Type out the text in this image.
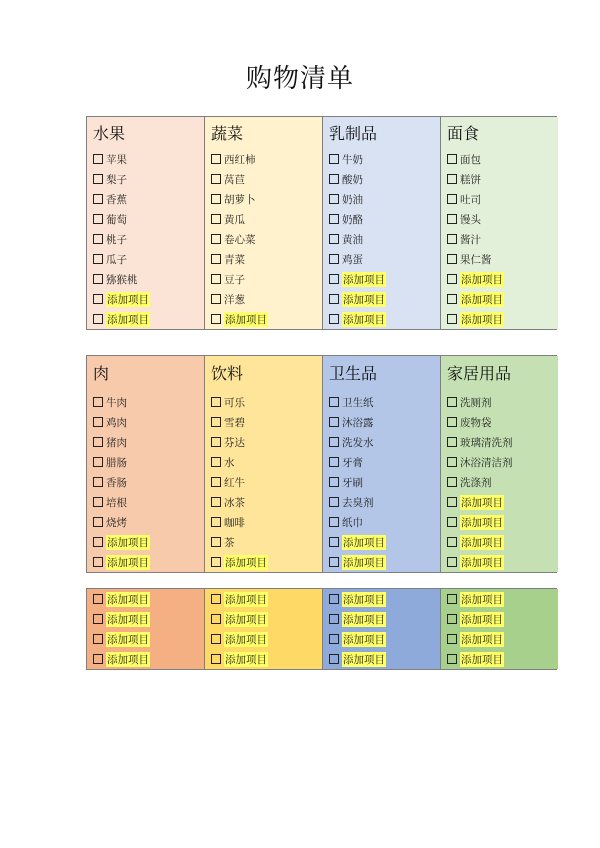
购物清单
水果
苹果
梨子
香蕉
葡萄
桃子
瓜子
猕猴桃
添加项目
添加项目
蔬菜
西红柿
莴苣
胡萝卜
黄瓜
卷心菜
青菜
豆子
洋葱
添加项目
乳制品
牛奶
酸奶
奶油
奶酪
黄油
鸡蛋
添加项目
添加项目
添加项目
面食
面包
糕饼
吐司
馒头
酱汁
果仁酱
添加项目
添加项目
添加项目
肉
牛肉
鸡肉
猪肉
腊肠
香肠
培根
烧烤
添加项目
添加项目
饮料
可乐
雪碧
芬达
水
红牛
冰茶
咖啡
茶
添加项目
卫生品
卫生纸
沐浴露
洗发水
牙膏
牙刷
去臭剂
纸巾
添加项目
添加项目
家居用品
洗厕剂
废物袋
玻璃清洗剂
沐浴清洁剂
洗涤剂
添加项目
添加项目
添加项目
添加项目
添加项目
添加项目
添加项目
添加项目
添加项目
添加项目
添加项目
添加项目
添加项目
添加项目
添加项目
添加项目
添加项目
添加项目
添加项目
添加项目
